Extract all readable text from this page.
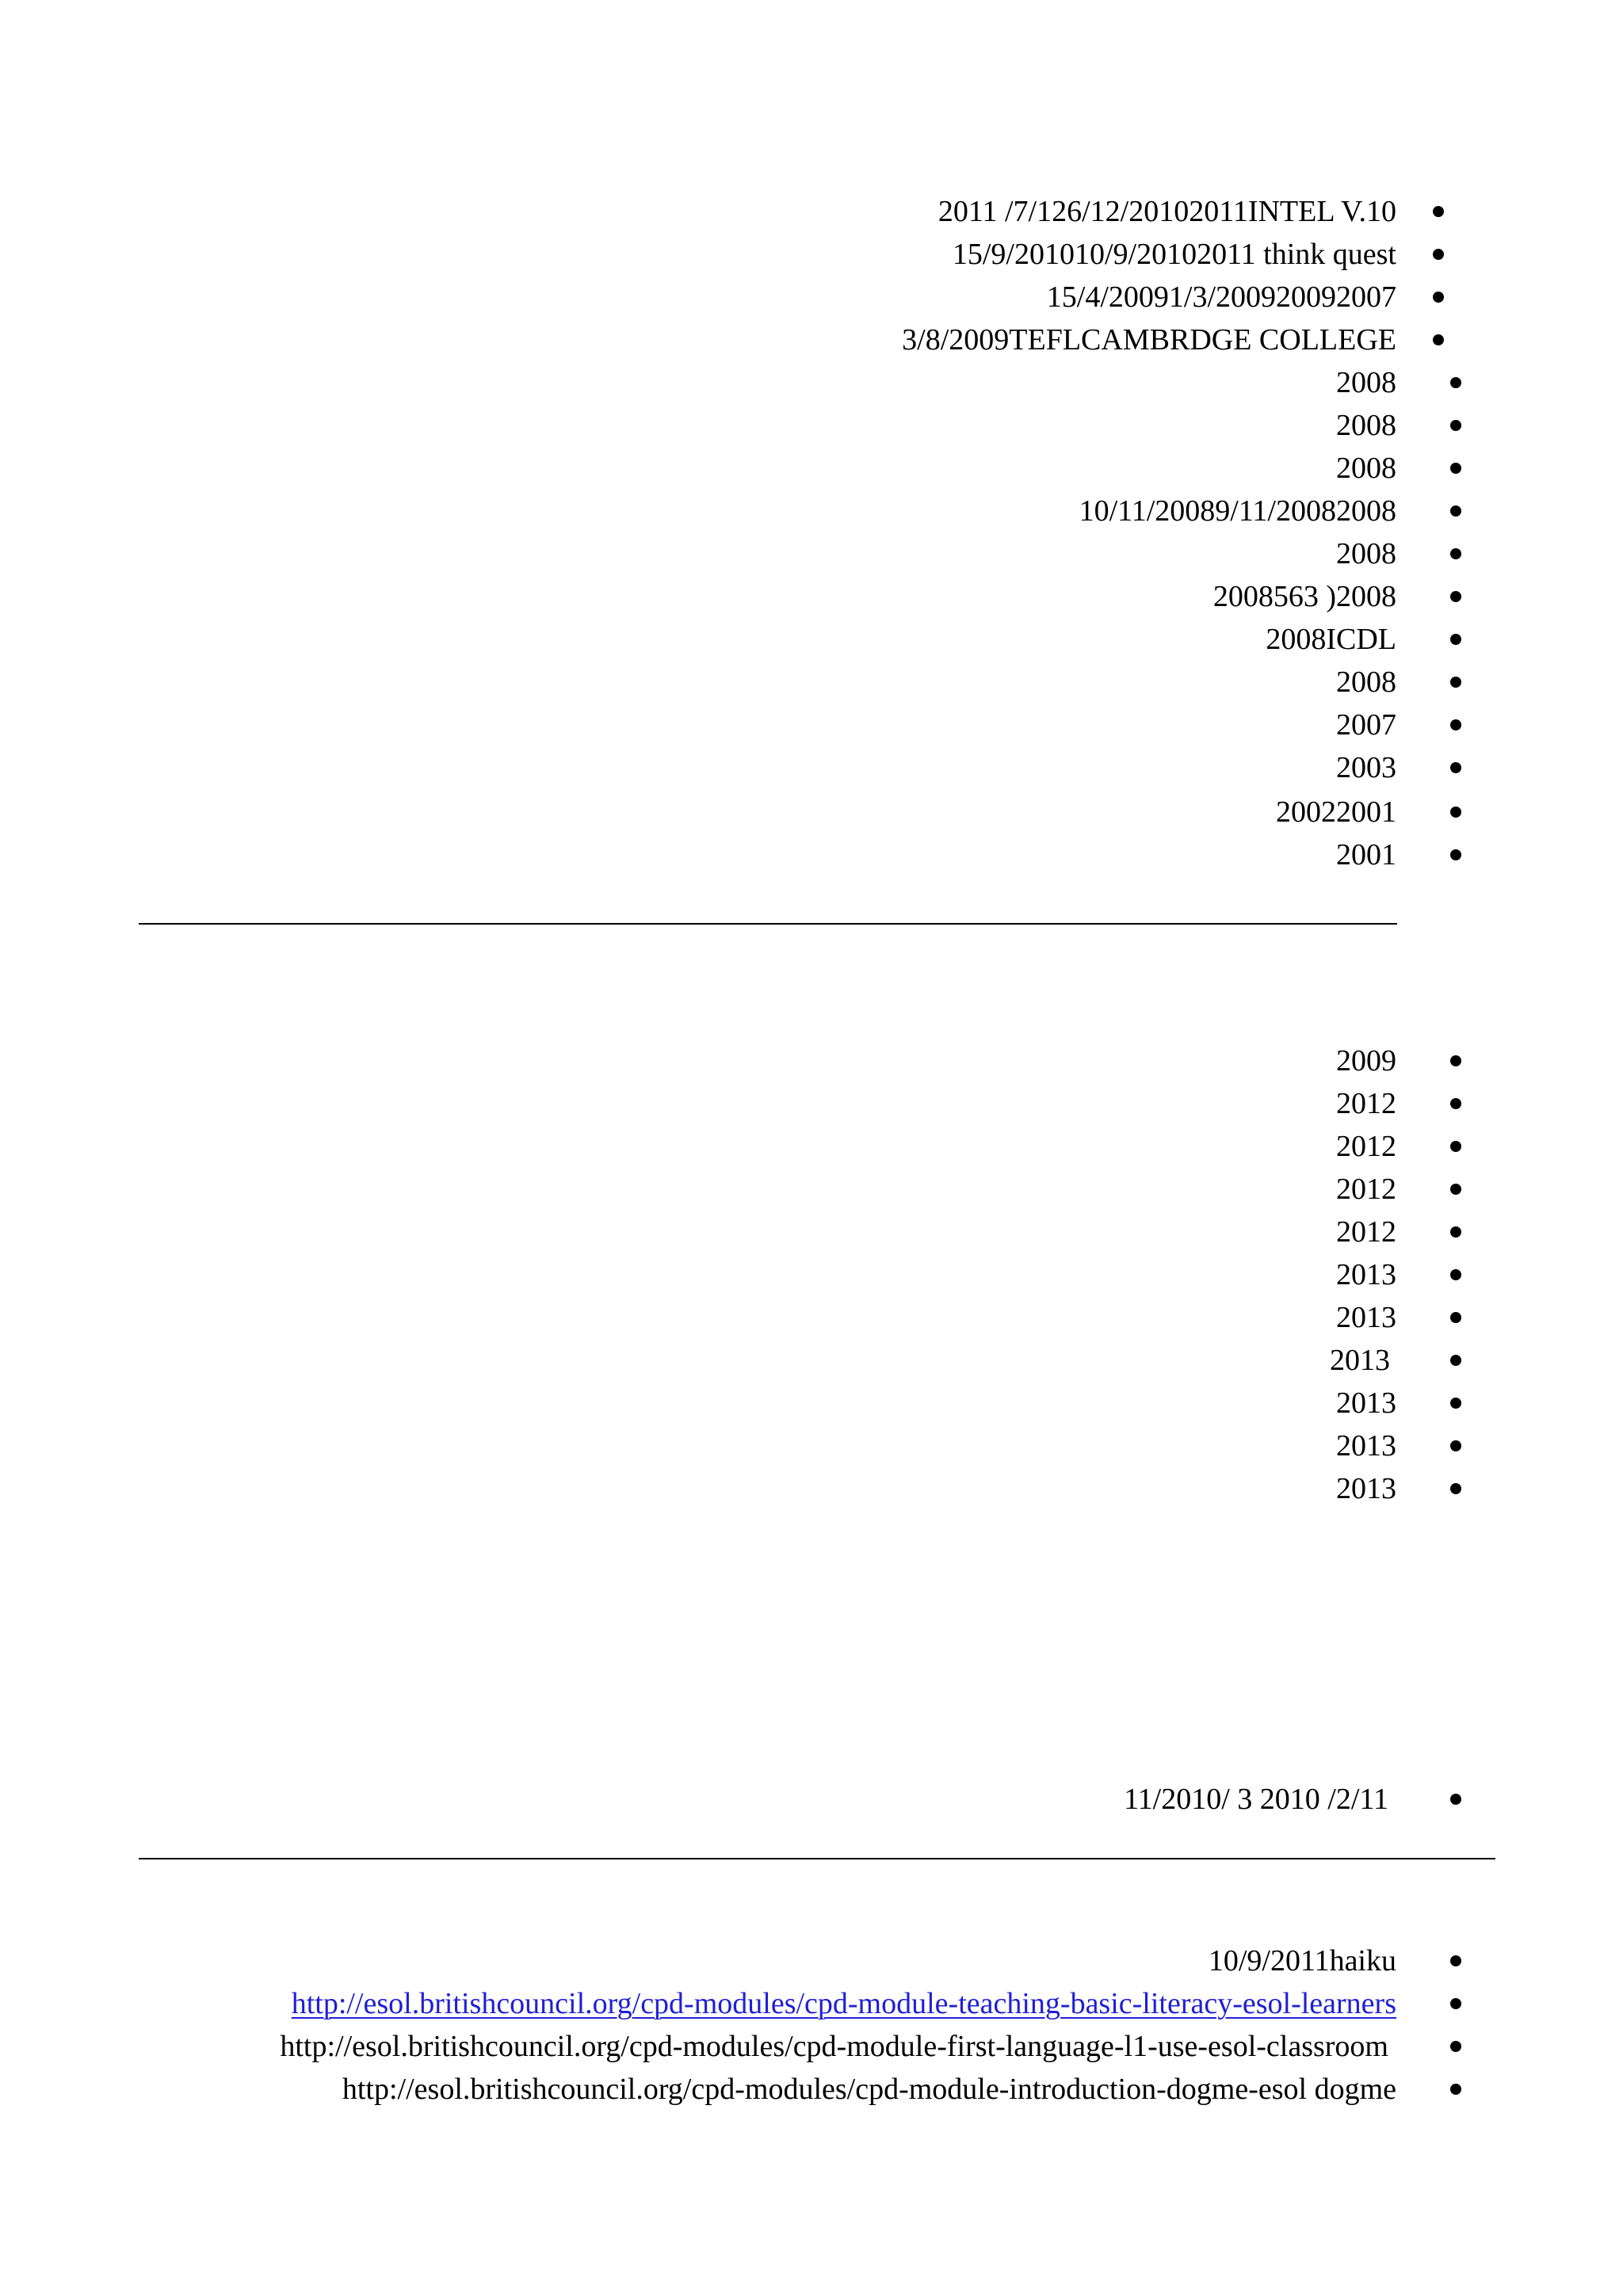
2011 /7/126/12/20102011INTEL V.10
15/9/201010/9/20102011 think quest
15/4/20091/3/200920092007
3/8/2009TEFLCAMBRDGE COLLEGE
2008
2008
2008
10/11/20089/11/20082008
2008
2008563 )2008
2008ICDL
2008
2007
2003
20022001
2001
2009
2012
2012
2012
2012
2013
2013
2013
2013
2013
2013
11/2010/ 3 2010 /2/11
10/9/2011haiku
http://esol.britishcouncil.org/cpd-modules/cpd-module-teaching-basic-literacy-esol-learners
http://esol.britishcouncil.org/cpd-modules/cpd-module-first-language-l1-use-esol-classroom
http://esol.britishcouncil.org/cpd-modules/cpd-module-introduction-dogme-esol dogme
